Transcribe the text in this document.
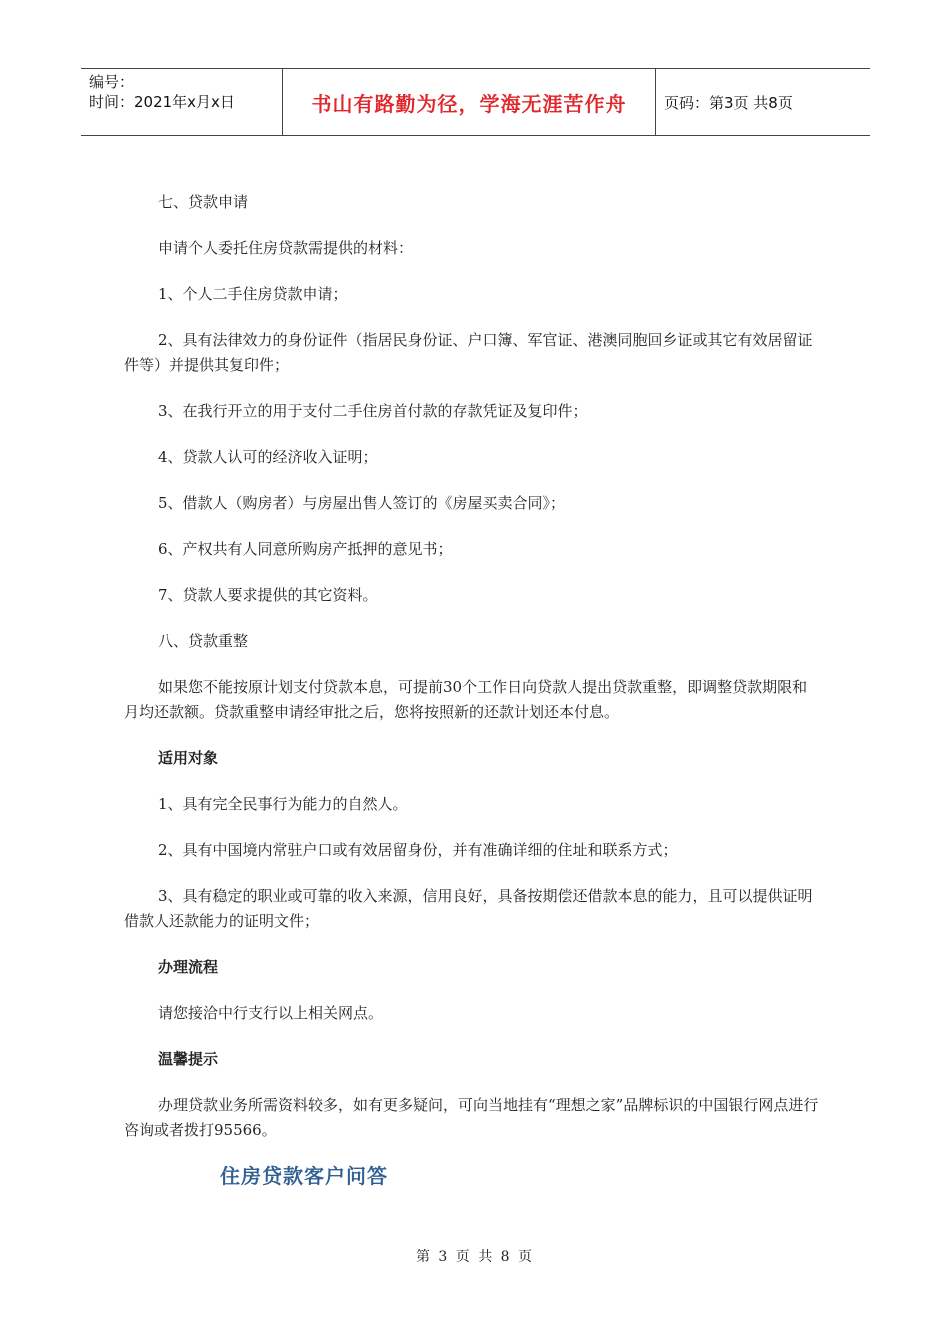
编号：
时间：2021年x月x日	书山有路勤为径，学海无涯苦作舟	页码：第3页 共8页

七、贷款申请

申请个人委托住房贷款需提供的材料：

1、个人二手住房贷款申请；

2、具有法律效力的身份证件（指居民身份证、户口簿、军官证、港澳同胞回乡证或其它有效居留证件等）并提供其复印件；

3、在我行开立的用于支付二手住房首付款的存款凭证及复印件；

4、贷款人认可的经济收入证明；

5、借款人（购房者）与房屋出售人签订的《房屋买卖合同》；

6、产权共有人同意所购房产抵押的意见书；

7、贷款人要求提供的其它资料。

八、贷款重整

如果您不能按原计划支付贷款本息，可提前30个工作日向贷款人提出贷款重整，即调整贷款期限和月均还款额。贷款重整申请经审批之后，您将按照新的还款计划还本付息。

适用对象

1、具有完全民事行为能力的自然人。

2、具有中国境内常驻户口或有效居留身份，并有准确详细的住址和联系方式；

3、具有稳定的职业或可靠的收入来源，信用良好，具备按期偿还借款本息的能力，且可以提供证明借款人还款能力的证明文件；

办理流程

请您接洽中行支行以上相关网点。

温馨提示

办理贷款业务所需资料较多，如有更多疑问，可向当地挂有“理想之家”品牌标识的中国银行网点进行咨询或者拨打95566。

住房贷款客户问答
第 3 页 共 8 页
